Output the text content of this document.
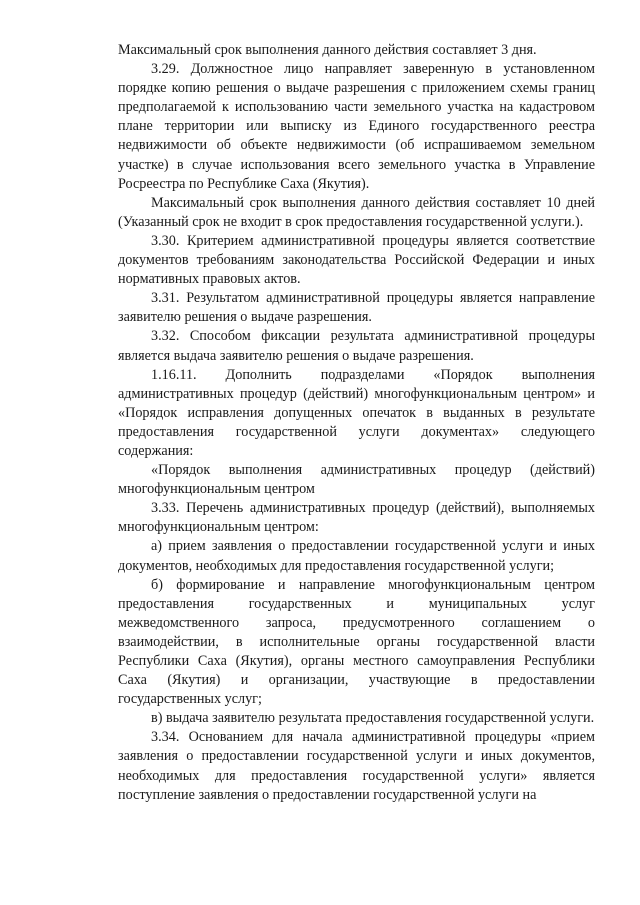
Максимальный срок выполнения данного действия составляет 3 дня.

3.29. Должностное лицо направляет заверенную в установленном порядке копию решения о выдаче разрешения с приложением схемы границ предполагаемой к использованию части земельного участка на кадастровом плане территории или выписку из Единого государственного реестра недвижимости об объекте недвижимости (об испрашиваемом земельном участке) в случае использования всего земельного участка в Управление Росреестра по Республике Саха (Якутия).

Максимальный срок выполнения данного действия составляет 10 дней (Указанный срок не входит в срок предоставления государственной услуги.).

3.30. Критерием административной процедуры является соответствие документов требованиям законодательства Российской Федерации и иных нормативных правовых актов.

3.31. Результатом административной процедуры является направление заявителю решения о выдаче разрешения.

3.32. Способом фиксации результата административной процедуры является выдача заявителю решения о выдаче разрешения.

1.16.11. Дополнить подразделами «Порядок выполнения административных процедур (действий) многофункциональным центром» и «Порядок исправления допущенных опечаток в выданных в результате предоставления государственной услуги документах» следующего содержания:

«Порядок выполнения административных процедур (действий) многофункциональным центром

3.33. Перечень административных процедур (действий), выполняемых многофункциональным центром:

а) прием заявления о предоставлении государственной услуги и иных документов, необходимых для предоставления государственной услуги;

б) формирование и направление многофункциональным центром предоставления государственных и муниципальных услуг межведомственного запроса, предусмотренного соглашением о взаимодействии, в исполнительные органы государственной власти Республики Саха (Якутия), органы местного самоуправления Республики Саха (Якутия) и организации, участвующие в предоставлении государственных услуг;

в) выдача заявителю результата предоставления государственной услуги.

3.34. Основанием для начала административной процедуры «прием заявления о предоставлении государственной услуги и иных документов, необходимых для предоставления государственной услуги» является поступление заявления о предоставлении государственной услуги на
